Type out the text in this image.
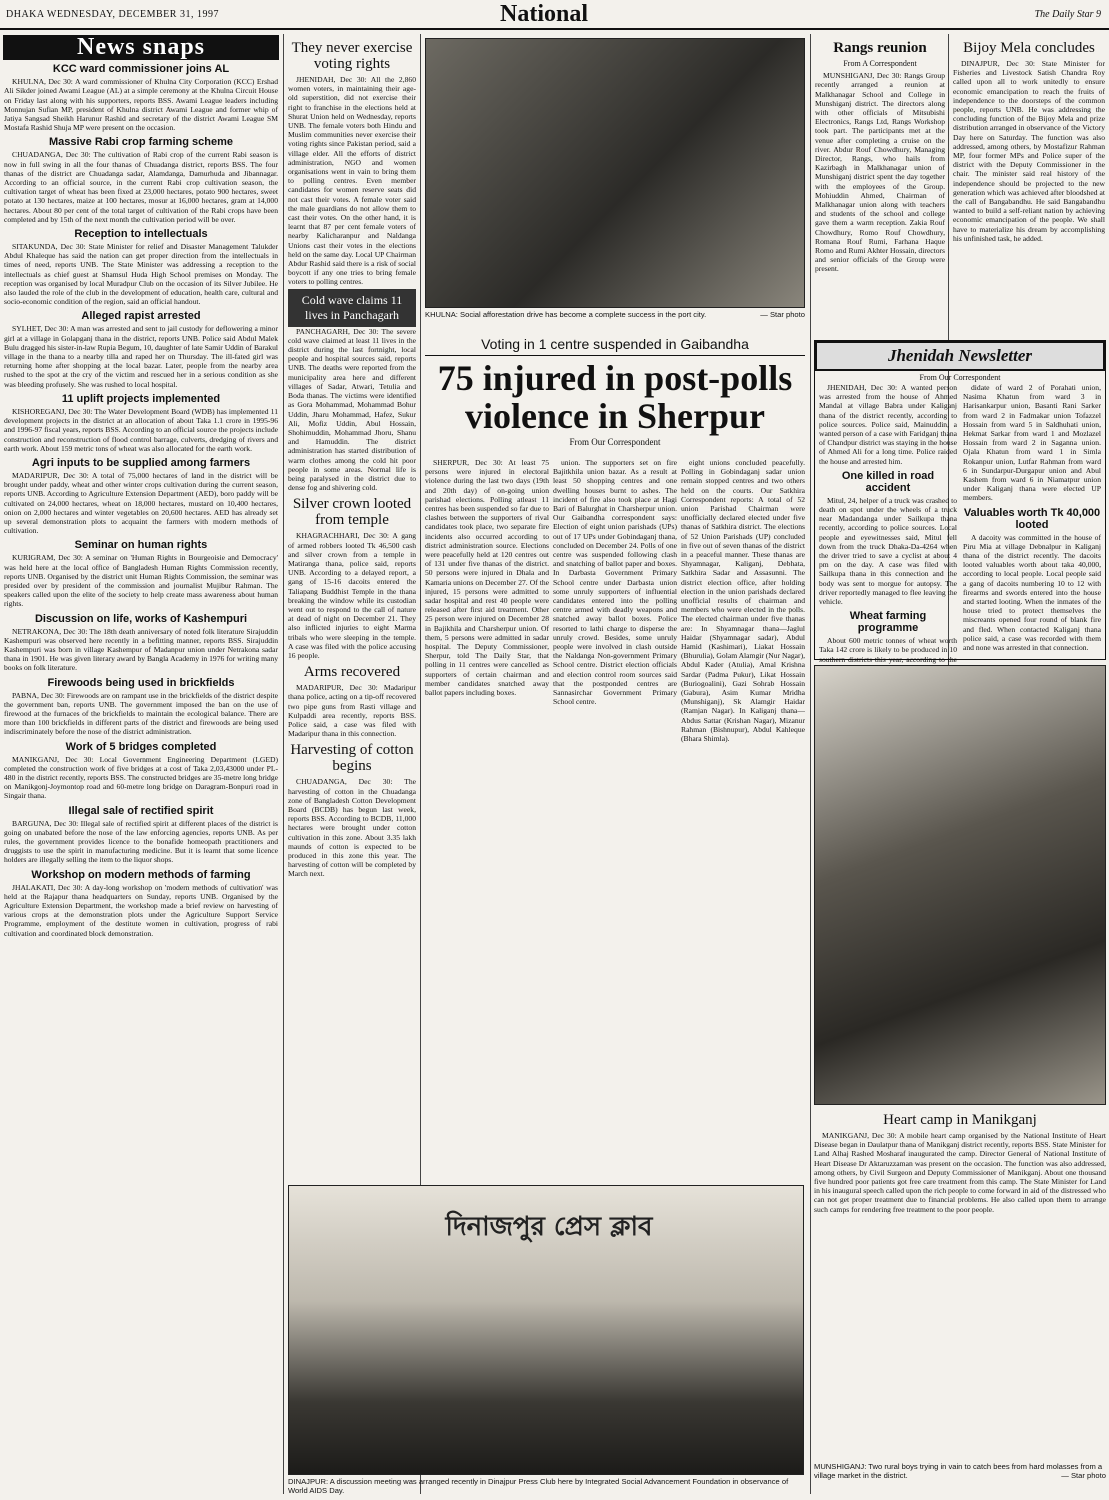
DHAKA WEDNESDAY, DECEMBER 31, 1997	National	The Daily Star 9
News snaps
KCC ward commissioner joins AL

KHULNA, Dec 30: A ward commissioner of Khulna City Corporation (KCC) Ershad Ali Sikder joined Awami League (AL) at a simple ceremony at the Khulna Circuit House on Friday last along with his supporters, reports BSS. Awami League leaders including Monnujan Sufian MP, president of Khulna district Awami League and former whip of Jatiya Sangsad Sheikh Harunur Rashid and secretary of the district Awami League SM Mostafa Rashid Shuja MP were present on the occasion.

Massive Rabi crop farming scheme

CHUADANGA, Dec 30: The cultivation of Rabi crop of the current Rabi season is now in full swing in all the four thanas of Chuadanga district, reports BSS. The four thanas of the district are Chuadanga sadar, Alamdanga, Damurhuda and Jibannagar. According to an official source, in the current Rabi crop cultivation season, the cultivation target of wheat has been fixed at 23,000 hectares, potato 900 hectares, sweet potato at 130 hectares, maize at 100 hectares, mosur at 16,000 hectares, gram at 14,000 hectares. About 80 per cent of the total target of cultivation of the Rabi crops have been completed and by 15th of the next month the cultivation period will be over.

Reception to intellectuals

SITAKUNDA, Dec 30: State Minister for relief and Disaster Management Talukder Abdul Khaleque has said the nation can get proper direction from the intellectuals in times of need, reports UNB. The State Minister was addressing a reception to the intellectuals as chief guest at Shamsul Huda High School premises on Monday. The reception was organised by local Muradpur Club on the occasion of its Silver Jubilee. He also lauded the role of the club in the development of education, health care, cultural and socio-economic condition of the region, said an official handout.

Alleged rapist arrested

SYLHET, Dec 30: A man was arrested and sent to jail custody for deflowering a minor girl at a village in Golapganj thana in the district, reports UNB. Police said Abdul Malek Bulu dragged his sister-in-law Rupia Begum, 10, daughter of late Samir Uddin of Barakul village in the thana to a nearby tilla and raped her on Thursday. The ill-fated girl was returning home after shopping at the local bazar. Later, people from the nearby area rushed to the spot at the cry of the victim and rescued her in a serious condition as she was bleeding profusely. She was rushed to local hospital.

11 uplift projects implemented

KISHOREGANJ, Dec 30: The Water Development Board (WDB) has implemented 11 development projects in the district at an allocation of about Taka 1.1 crore in 1995-96 and 1996-97 fiscal years, reports BSS. According to an official source the projects include construction and reconstruction of flood control barrage, culverts, dredging of rivers and earth work. About 159 metric tons of wheat was also allocated for the earth work.

Agri inputs to be supplied among farmers

MADARIPUR, Dec 30: A total of 75,000 hectares of land in the district will be brought under paddy, wheat and other winter crops cultivation during the current season, reports UNB. According to Agriculture Extension Department (AED), boro paddy will be cultivated on 24,000 hectares, wheat on 18,000 hectares, mustard on 10,400 hectares, onion on 2,000 hectares and winter vegetables on 20,600 hectares. AED has already set up several demonstration plots to acquaint the farmers with modern methods of cultivation.

Seminar on human rights

KURIGRAM, Dec 30: A seminar on 'Human Rights in Bourgeoisie and Democracy' was held here at the local office of Bangladesh Human Rights Commission recently, reports UNB. Organised by the district unit Human Rights Commission, the seminar was presided over by president of the commission and journalist Mujibur Rahman. The speakers called upon the elite of the society to help create mass awareness about human rights.

Discussion on life, works of Kashempuri

NETRAKONA, Dec 30: The 18th death anniversary of noted folk literature Sirajuddin Kashempuri was observed here recently in a befitting manner, reports BSS. Sirajuddin Kashempuri was born in village Kashempur of Madanpur union under Netrakona sadar thana in 1901. He was given literary award by Bangla Academy in 1976 for writing many books on folk literature.

Firewoods being used in brickfields

PABNA, Dec 30: Firewoods are on rampant use in the brickfields of the district despite the government ban, reports UNB. The government imposed the ban on the use of firewood at the furnaces of the brickfields to maintain the ecological balance. There are more than 100 brickfields in different parts of the district and firewoods are being used indiscriminately before the nose of the district administration.

Work of 5 bridges completed

MANIKGANJ, Dec 30: Local Government Engineering Department (LGED) completed the construction work of five bridges at a cost of Taka 2,03,43000 under PL-480 in the district recently, reports BSS. The constructed bridges are 35-metre long bridge on Manikgonj-Joymontop road and 60-metre long bridge on Daragram-Bonpuri road in Singair thana.

Illegal sale of rectified spirit

BARGUNA, Dec 30: Illegal sale of rectified spirit at different places of the district is going on unabated before the nose of the law enforcing agencies, reports UNB. As per rules, the government provides licence to the bonafide homeopath practitioners and druggists to use the spirit in manufacturing medicine. But it is learnt that some licence holders are illegally selling the item to the liquor shops.

Workshop on modern methods of farming

JHALAKATI, Dec 30: A day-long workshop on 'modern methods of cultivation' was held at the Rajapur thana headquarters on Sunday, reports UNB. Organised by the Agriculture Extension Department, the workshop made a brief review on harvesting of various crops at the demonstration plots under the Agriculture Support Service Programme, employment of the destitute women in cultivation, progress of rabi cultivation and coordinated block demonstration.

They never exercise voting rights

JHENIDAH, Dec 30: All the 2,860 women voters, in maintaining their age-old superstition, did not exercise their right to franchise in the elections held at Shurat Union held on Wednesday, reports UNB. The female voters both Hindu and Muslim communities never exercise their voting rights since Pakistan period, said a village elder. All the efforts of district administration, NGO and women organisations went in vain to bring them to polling centres. Even member candidates for women reserve seats did not cast their votes. A female voter said the male guardians do not allow them to cast their votes. On the other hand, it is learnt that 87 per cent female voters of nearby Kalicharanpur and Naldanga Unions cast their votes in the elections held on the same day. Local UP Chairman Abdur Rashid said there is a risk of social boycott if any one tries to bring female voters to polling centres.

Cold wave claims 11 lives in Panchagarh

PANCHAGARH, Dec 30: The severe cold wave claimed at least 11 lives in the district during the last fortnight, local people and hospital sources said, reports UNB. The deaths were reported from the municipality area here and different villages of Sadar, Atwari, Tetulia and Boda thanas. The victims were identified as Gora Mohammad, Mohammad Bohur Uddin, Jharu Mohammad, Hafez, Sukur Ali, Mofiz Uddin, Abul Hossain, Shohimuddin, Mohammad Jhoru, Shanu and Hamuddin. The district administration has started distribution of warm clothes among the cold hit poor people in some areas. Normal life is being paralysed in the district due to dense fog and shivering cold.

Silver crown looted from temple

KHAGRACHHARI, Dec 30: A gang of armed robbers looted Tk 46,500 cash and silver crown from a temple in Matiranga thana, police said, reports UNB. According to a delayed report, a gang of 15-16 dacoits entered the Taliapang Buddhist Temple in the thana breaking the window while its custodian went out to respond to the call of nature at dead of night on December 21. They also inflicted injuries to eight Marma tribals who were sleeping in the temple. A case was filed with the police accusing 16 people.

Arms recovered

MADARIPUR, Dec 30: Madaripur thana police, acting on a tip-off recovered two pipe guns from Rasti village and Kulpaddi area recently, reports BSS. Police said, a case was filed with Madaripur thana in this connection.

Harvesting of cotton begins

CHUADANGA, Dec 30: The harvesting of cotton in the Chuadanga zone of Bangladesh Cotton Development Board (BCDB) has begun last week, reports BSS. According to BCDB, 11,000 hectares were brought under cotton cultivation in this zone. About 3.35 lakh maunds of cotton is expected to be produced in this zone this year. The harvesting of cotton will be completed by March next.

KHULNA: Social afforestation drive has become a complete success in the port city.	— Star photo
Voting in 1 centre suspended in Gaibandha
75 injured in post-polls violence in Sherpur
From Our Correspondent

SHERPUR, Dec 30: At least 75 persons were injured in electoral violence during the last two days (19th and 20th day) of on-going union parishad elections. Polling atleast 11 centres has been suspended so far due to clashes between the supporters of rival candidates took place, two separate fire incidents also occurred according to district administration source. Elections were peacefully held at 120 centres out of 131 under five thanas of the district. 50 persons were injured in Dhala and Kamaria unions on December 27. Of the injured, 15 persons were admitted to sadar hospital and rest 40 people were released after first aid treatment. Other 25 person were injured on December 28 in Bajikhila and Charsherpur union. Of them, 5 persons were admitted in sadar hospital. The Deputy Commissioner, Sherpur, told The Daily Star, that polling in 11 centres were cancelled as supporters of certain chairman and member candidates snatched away ballot papers including boxes.

union. The supporters set on fire Bajitkhila union bazar. As a result at least 50 shopping centres and one dwelling houses burnt to ashes. The incident of fire also took place at Hagi Bari of Balurghat in Charsherpur union. Our Gaibandha correspondent says: Election of eight union parishads (UPs) out of 17 UPs under Gobindaganj thana, concluded on December 24. Polls of one centre was suspended following clash and snatching of ballot paper and boxes. In Darbasta Government Primary School centre under Darbasta union some unruly supporters of influential candidates entered into the polling centre armed with deadly weapons and snatched away ballot boxes. Police resorted to lathi charge to disperse the unruly crowd. Besides, some unruly people were involved in clash outside the Naldanga Non-government Primary School centre. District election officials and election control room sources said that the postponded centres are Sannasirchar Government Primary School centre.

eight unions concluded peacefully. Polling in Gobindaganj sadar union remain stopped centres and two others held on the courts. Our Satkhira Correspondent reports: A total of 52 union Parishad Chairman were unofficially declared elected under five thanas of Satkhira district. The elections of 52 Union Parishads (UP) concluded in five out of seven thanas of the district in a peaceful manner. These thanas are Shyamnagar, Kaliganj, Debhata, Satkhira Sadar and Assasunni. The district election office, after holding election in the union parishads declared unofficial results of chairman and members who were elected in the polls. The elected chairman under five thanas are: In Shyamnagar thana—Jaglul Haidar (Shyamnagar sadar), Abdul Hamid (Kashimari), Liakat Hossain (Bhurulia), Golam Alamgir (Nur Nagar), Abdul Kader (Atulia), Amal Krishna Sardar (Padma Pukur), Likat Hossain (Buriogoalini), Gazi Sohrab Hossain (Gabura), Asim Kumar Mridha (Munshiganj), Sk Alamgir Haidar (Ramjan Nagar). In Kaliganj thana—Abdus Sattar (Krishan Nagar), Mizanur Rahman (Bishnupur), Abdul Kahleque (Bhara Shimla).

Rangs reunion
From A Correspondent

MUNSHIGANJ, Dec 30: Rangs Group recently arranged a reunion at Malkhanagar School and College in Munshiganj district. The directors along with other officials of Mitsubishi Electronics, Rangs Ltd, Rangs Workshop took part. The participants met at the venue after completing a cruise on the river. Abdur Rouf Chowdhury, Managing Director, Rangs, who hails from Kazirbagh in Malkhanagar union of Munshiganj district spent the day together with the employees of the Group. Mohiuddin Ahmed, Chairman of Malkhanagar union along with teachers and students of the school and college gave them a warm reception. Zakia Rouf Chowdhury, Romo Rouf Chowdhury, Romana Rouf Rumi, Farhana Haque Romo and Rumi Akhter Hossain, directors and senior officials of the Group were present.

Bijoy Mela concludes

DINAJPUR, Dec 30: State Minister for Fisheries and Livestock Satish Chandra Roy called upon all to work unitedly to ensure economic emancipation to reach the fruits of independence to the doorsteps of the common people, reports UNB. He was addressing the concluding function of the Bijoy Mela and prize distribution arranged in observance of the Victory Day here on Saturday. The function was also addressed, among others, by Mostafizur Rahman MP, four former MPs and Police super of the district with the Deputy Commissioner in the chair. The minister said real history of the independence should be projected to the new generation which was achieved after bloodshed at the call of Bangabandhu. He said Bangabandhu wanted to build a self-reliant nation by achieving economic emancipation of the people. We shall have to materialize his dream by accomplishing his unfinished task, he added.

Jhenidah Newsletter
From Our Correspondent

JHENIDAH, Dec 30: A wanted person was arrested from the house of Ahmed Mandal at village Babra under Kaliganj thana of the district recently, according to police sources. Police said, Mainuddin, a wanted person of a case with Faridganj thana of Chandpur district was staying in the house of Ahmed Ali for a long time. Police raided the house and arrested him.

One killed in road accident

Mitul, 24, helper of a truck was crashed to death on spot under the wheels of a truck near Madandanga under Sailkupa thana recently, according to police sources. Local people and eyewitnesses said, Mitul fell down from the truck Dhaka-Da-4264 when the driver tried to save a cyclist at about 4 pm on the day. A case was filed with Sailkupa thana in this connection and the body was sent to morgue for autopsy. The driver reportedly managed to flee leaving the vehicle.

Wheat farming programme

About 600 metric tonnes of wheat worth Taka 142 crore is likely to be produced in 10 southern districts this year, according to the

didate of ward 2 of Porahati union, Nasima Khatun from ward 3 in Harisankarpur union, Basanti Rani Sarker from ward 2 in Fadmakar union Tofazzel Hossain from ward 5 in Saldhuhati union, Hekmat Sarkar from ward 1 and Mozlazel Hossain from ward 2 in Saganna union. Ojala Khatun from ward 1 in Simla Rokanpur union, Lutfar Rahman from ward 6 in Sundarpur-Durgapur union and Abul Kashem from ward 6 in Niamatpur union under Kaliganj thana were elected UP members.

Valuables worth Tk 40,000 looted

A dacoity was committed in the house of Piru Mia at village Debnalpur in Kaliganj thana of the district recently. The dacoits looted valuables worth about taka 40,000, according to local people. Local people said a gang of dacoits numbering 10 to 12 with firearms and swords entered into the house and started looting. When the inmates of the house tried to protect themselves the miscreants opened four round of blank fire and fled. When contacted Kaliganj thana police said, a case was recorded with them and none was arrested in that connection.

দিনাজপুর প্রেস ক্লাব
DINAJPUR: A discussion meeting was arranged recently in Dinajpur Press Club here by Integrated Social Advancement Foundation in observance of World AIDS Day.
MUNSHIGANJ: Two rural boys trying in vain to catch bees from hard molasses from a village market in the district.	— Star photo
Heart camp in Manikganj

MANIKGANJ, Dec 30: A mobile heart camp organised by the National Institute of Heart Disease began in Daulatpur thana of Manikganj district recently, reports BSS. State Minister for Land Alhaj Rashed Mosharaf inaugurated the camp. Director General of National Institute of Heart Disease Dr Aktaruzzaman was present on the occasion. The function was also addressed, among others, by Civil Surgeon and Deputy Commissioner of Manikganj. About one thousand five hundred poor patients got free care treatment from this camp. The State Minister for Land in his inaugural speech called upon the rich people to come forward in aid of the distressed who can not get proper treatment due to financial problems. He also called upon them to arrange such camps for rendering free treatment to the poor people.
